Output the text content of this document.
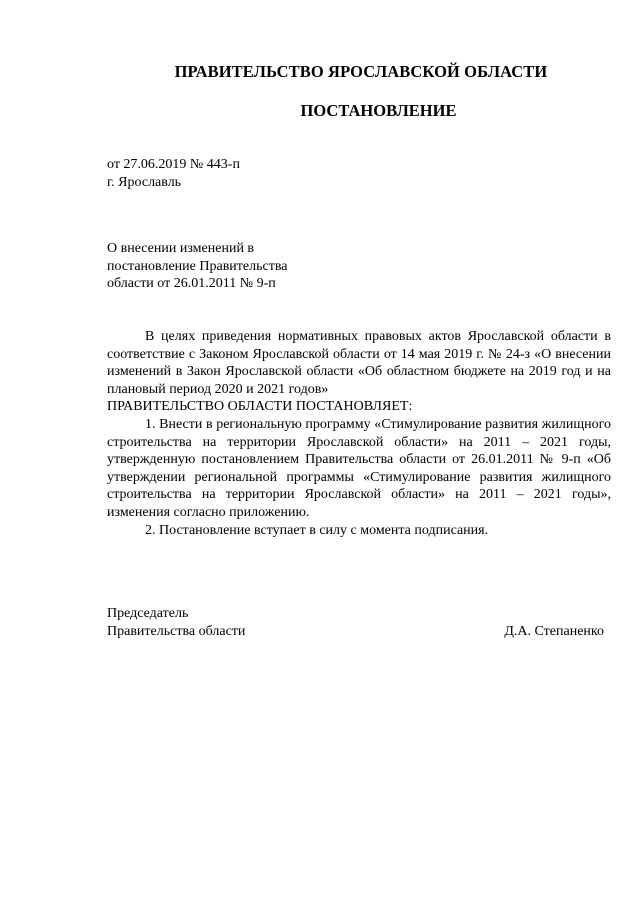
ПРАВИТЕЛЬСТВО ЯРОСЛАВСКОЙ ОБЛАСТИ
ПОСТАНОВЛЕНИЕ
от 27.06.2019 № 443-п
г. Ярославль
О внесении изменений в
постановление Правительства
области от 26.01.2011 № 9-п

В целях приведения нормативных правовых актов Ярославской области в соответствие с Законом Ярославской области от 14 мая 2019 г. № 24-з «О внесении изменений в Закон Ярославской области «Об областном бюджете на 2019 год и на плановый период 2020 и 2021 годов»

ПРАВИТЕЛЬСТВО ОБЛАСТИ ПОСТАНОВЛЯЕТ:

1. Внести в региональную программу «Стимулирование развития жилищного строительства на территории Ярославской области» на 2011 – 2021 годы, утвержденную постановлением Правительства области от 26.01.2011 № 9-п «Об утверждении региональной программы «Стимулирование развития жилищного строительства на территории Ярославской области» на 2011 – 2021 годы», изменения согласно приложению.

2. Постановление вступает в силу с момента подписания.

Председатель
Правительства области	Д.А. Степаненко
